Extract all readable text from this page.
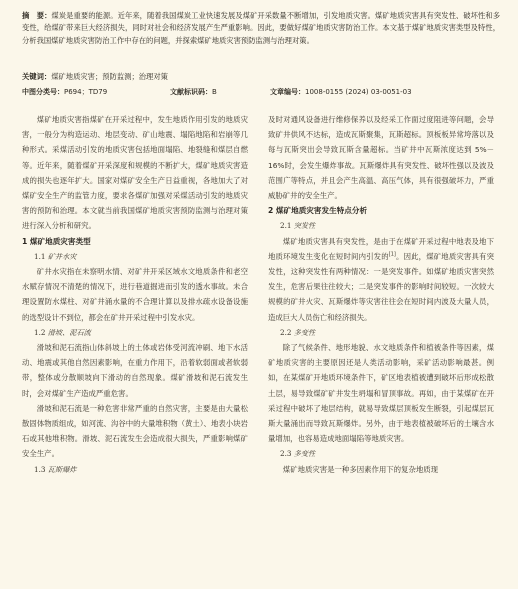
摘　要：煤炭是重要的能源。近年来，随着我国煤炭工业快速发展及煤矿开采数量不断增加，引发地质灾害。煤矿地质灾害具有突发性、破坏性和多变性，给煤矿带来巨大经济损失，同时对社会和经济发展产生严重影响。因此，要做好煤矿地质灾害防治工作。本文基于煤矿地质灾害类型及特性，分析我国煤矿地质灾害防治工作中存在的问题，并探索煤矿地质灾害预防监测与治理对策。
关键词：煤矿地质灾害；预防监测；治理对策
中图分类号：P694；TD79	文献标识码：B	文章编号：1008-0155 (2024) 03-0051-03

煤矿地质灾害指煤矿在开采过程中，发生地质作用引发的地质灾害，一般分为构造运动、地层变动、矿山地震、塌陷地陷和岩崩等几种形式。采煤活动引发的地质灾害包括地面塌陷、地裂缝和煤层自燃等。近年来，随着煤矿开采深度和规模的不断扩大，煤矿地质灾害造成的损失也逐年扩大。国家对煤矿安全生产日益重视，各地加大了对煤矿安全生产的监管力度，要求各煤矿加强对采煤活动引发的地质灾害的预防和治理。本文就当前我国煤矿地质灾害预防监测与治理对策进行深入分析和研究。

1 煤矿地质灾害类型
1.1 矿井水灾

矿井水灾指在未察明水情、对矿井开采区域水文地质条件和老空水赋存情况不清楚的情况下，进行巷道掘进而引发的透水事故。未合理设置防水煤柱、对矿井涌水量的不合理计算以及排水疏水设备设施的选型设计不到位，都会在矿井开采过程中引发水灾。

1.2 滑坡、泥石流

滑坡和泥石流指山体斜坡上的土体或岩体受河流冲刷、地下水活动、地震或其他自然因素影响，在重力作用下，沿着软弱面或者软弱带，整体或分散顺坡向下滑动的自然现象。煤矿滑坡和泥石流发生时，会对煤矿生产造成严重危害。

滑坡和泥石流是一种危害非常严重的自然灾害，主要是由大量松散固体物质组成，如河流、沟谷中的大量堆积物（黄土）、地表小块岩石或其他堆积物。滑坡、泥石流发生会造成很大损失，严重影响煤矿安全生产。

1.3 瓦斯爆炸

及时对通风设备进行维修保养以及经采工作面过度阻进等问题，会导致矿井供风不达标，造成瓦斯聚集，瓦斯超标。顶板板异常垮落以及每与瓦斯突出会导致瓦斯含量超标。当矿井中瓦斯浓度达到 5%－16%时，会发生爆炸事故。瓦斯爆炸具有突发性、破坏性强以及波及范围广等特点，并且会产生高温、高压气体，具有很强破坏力，严重威胁矿井的安全生产。

2 煤矿地质灾害发生特点分析
2.1 突发性

煤矿地质灾害具有突发性，是由于在煤矿开采过程中地表及地下地质环境发生变化在短时间内引发的[1]。因此，煤矿地质灾害具有突发性，这种突发性有两种情况：一是突发事件。如煤矿地质灾害突然发生，危害后果往往较大；二是突发事件的影响时间较短。一次较大规模的矿井火灾、瓦斯爆炸等灾害往往会在短时间内波及大量人员，造成巨大人员伤亡和经济损失。

2.2 多变性

除了气候条件、地形地貌、水文地质条件和植被条件等因素，煤矿地质灾害的主要原因还是人类活动影响，采矿活动影响最甚。例如，在某煤矿开地质环境条件下，矿区地表植被遭到破坏后形成松散土层，易导致煤矿矿井发生坍塌和冒顶事故。再如，由于某煤矿在开采过程中破坏了地层结构，就易导致煤层顶板发生断裂，引起煤层瓦斯大量涌出而导致瓦斯爆炸。另外，由于地表植被破坏后的土壤含水量增加，也容易造成地面塌陷等地质灾害。

2.3 多变性

煤矿地质灾害是一种多因素作用下的复杂地质现
